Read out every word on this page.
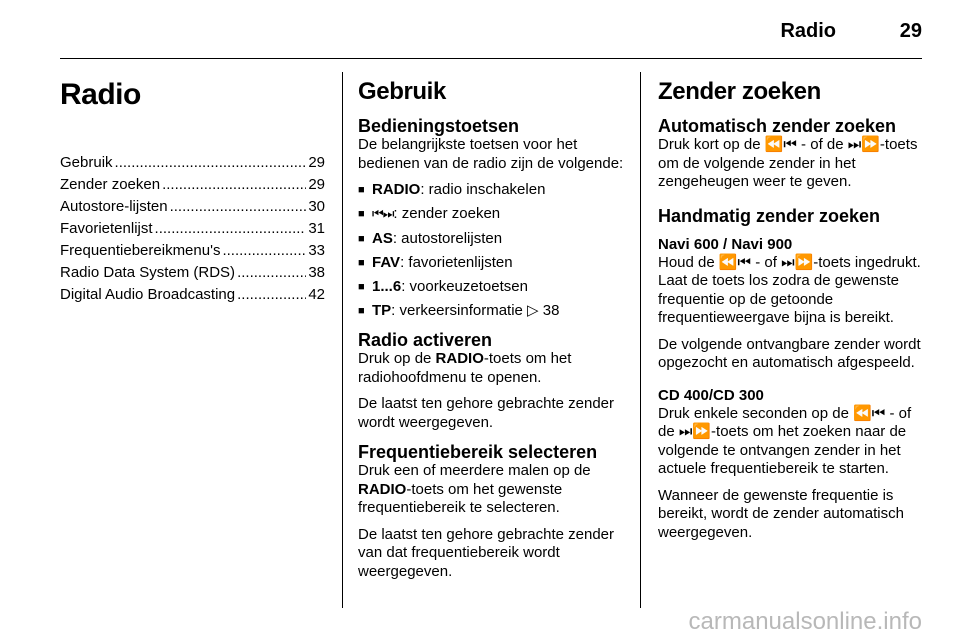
Radio	29
Radio
Gebruik .....	29
Zender zoeken .....	29
Autostore-lijsten .....	30
Favorietenlijst .....	31
Frequentiebereikmenu's .....	33
Radio Data System (RDS) .....	38
Digital Audio Broadcasting .....	42
Gebruik
Bedieningstoetsen

De belangrijkste toetsen voor het bedienen van de radio zijn de volgende:

■ RADIO: radio inschakelen
■ ⏮⏭: zender zoeken
■ AS: autostorelijsten
■ FAV: favorietenlijsten
■ 1...6: voorkeuzetoetsen
■ TP: verkeersinformatie ▷ 38
Radio activeren

Druk op de RADIO-toets om het radiohoofdmenu te openen.

De laatst ten gehore gebrachte zender wordt weergegeven.

Frequentiebereik selecteren

Druk een of meerdere malen op de RADIO-toets om het gewenste frequentiebereik te selecteren.

De laatst ten gehore gebrachte zender van dat frequentiebereik wordt weergegeven.

Zender zoeken
Automatisch zender zoeken

Druk kort op de ⏪⏮ - of de ⏭⏩-toets om de volgende zender in het zengeheugen weer te geven.

Handmatig zender zoeken
Navi 600 / Navi 900

Houd de ⏪⏮ - of ⏭⏩-toets ingedrukt. Laat de toets los zodra de gewenste frequentie op de getoonde frequentieweergave bijna is bereikt.

De volgende ontvangbare zender wordt opgezocht en automatisch afgespeeld.

CD 400/CD 300

Druk enkele seconden op de ⏪⏮ - of de ⏭⏩-toets om het zoeken naar de volgende te ontvangen zender in het actuele frequentiebereik te starten.

Wanneer de gewenste frequentie is bereikt, wordt de zender automatisch weergegeven.

carmanualsonline.info
